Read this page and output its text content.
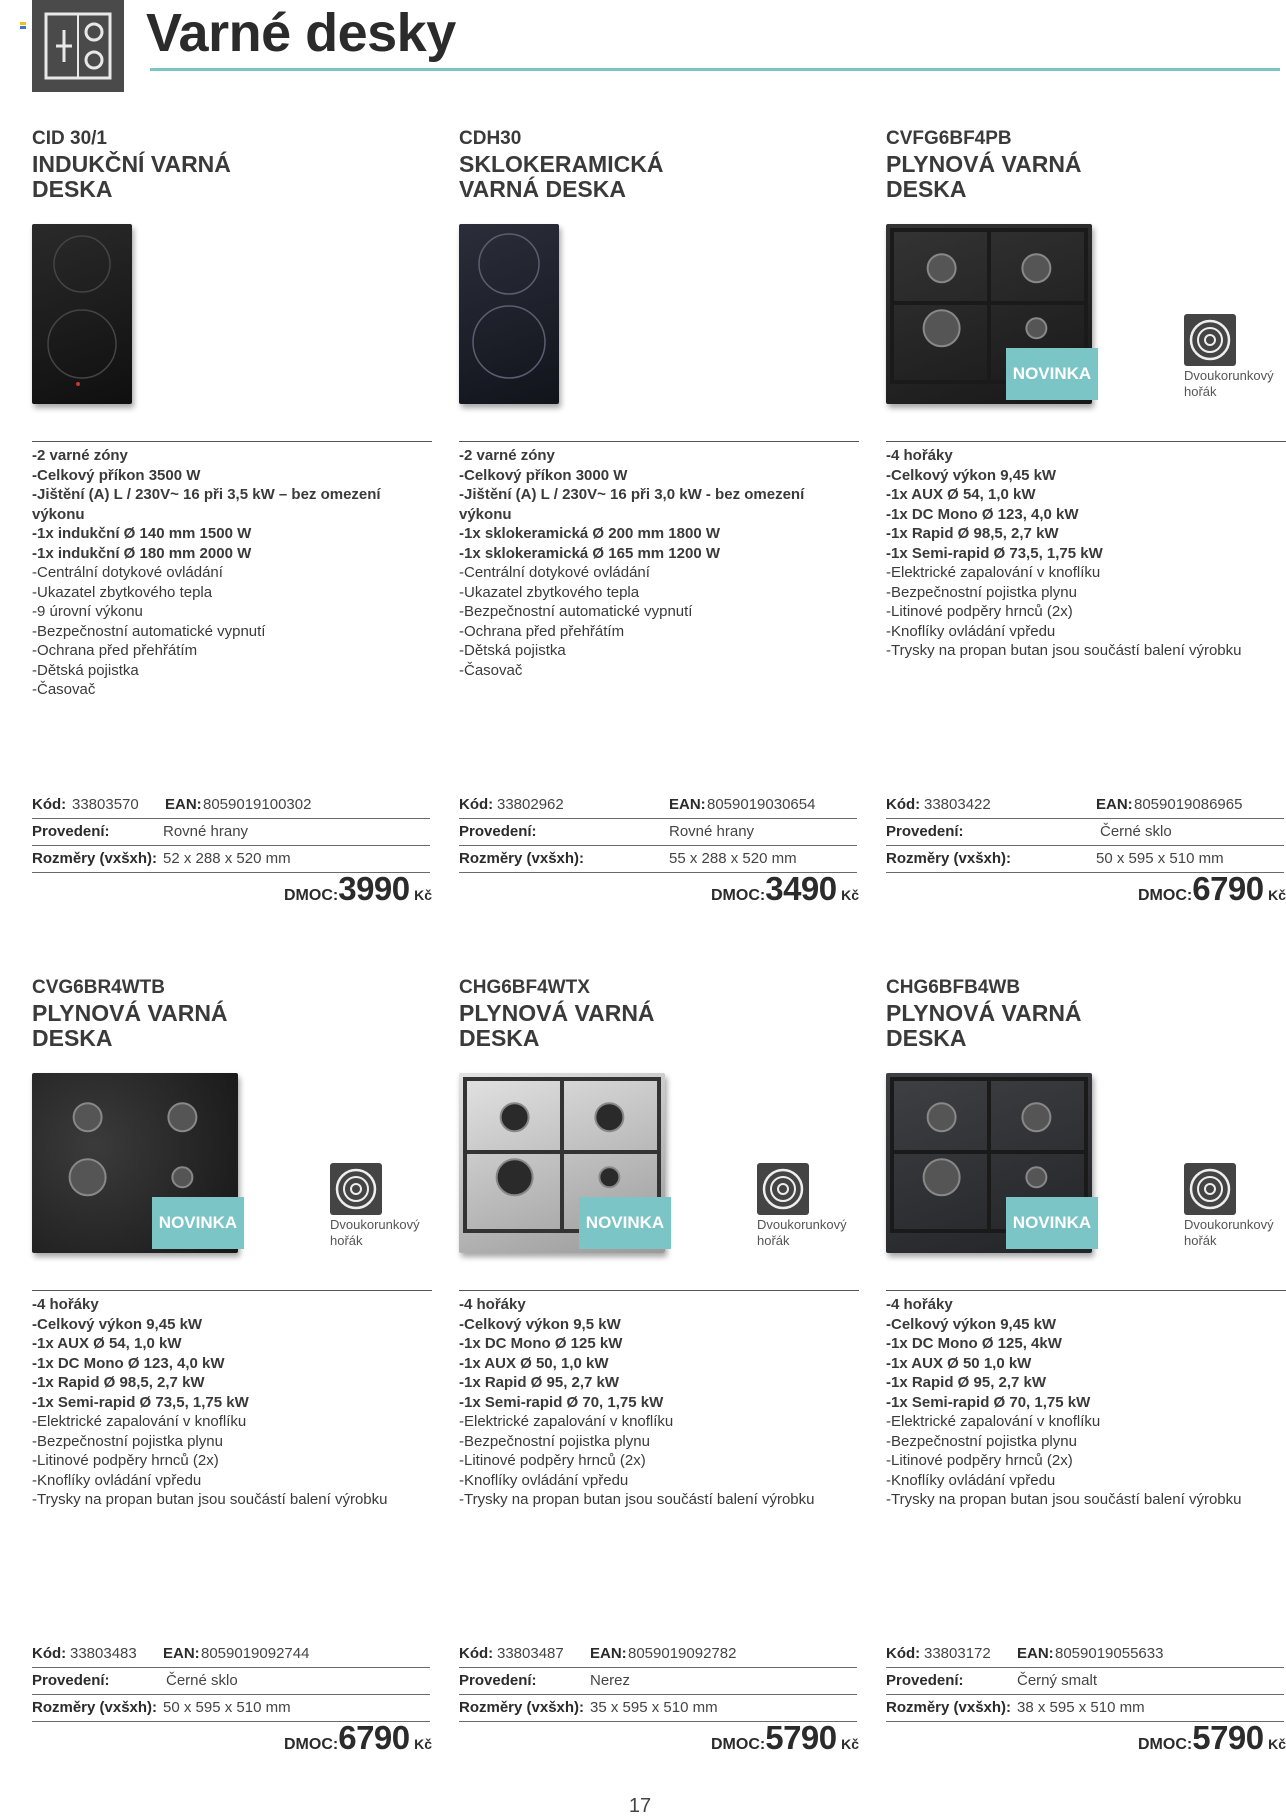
Varné desky
CID 30/1
INDUKČNÍ VARNÁ DESKA
-2 varné zóny
-Celkový příkon 3500 W
-Jištění (A) L / 230V~ 16 při 3,5 kW – bez omezení
výkonu
-1x indukční Ø 140 mm 1500 W
-1x indukční Ø 180 mm 2000 W
-Centrální dotykové ovládání
-Ukazatel zbytkového tepla
-9 úrovní výkonu
-Bezpečnostní automatické vypnutí
-Ochrana před přehřátím
-Dětská pojistka
-Časovač
Kód: 33803570 EAN: 8059019100302
Provedení:	Rovné hrany
Rozměry (vxšxh): 52 x 288 x 520 mm
DMOC:3990 Kč
CDH30
SKLOKERAMICKÁ VARNÁ DESKA
-2 varné zóny
-Celkový příkon 3000 W
-Jištění (A) L / 230V~ 16 při 3,0 kW - bez omezení
výkonu
-1x sklokeramická Ø 200 mm 1800 W
-1x sklokeramická Ø 165 mm 1200 W
-Centrální dotykové ovládání
-Ukazatel zbytkového tepla
-Bezpečnostní automatické vypnutí
-Ochrana před přehřátím
-Dětská pojistka
-Časovač
Kód: 33802962	EAN: 8059019030654
Provedení:	Rovné hrany
Rozměry (vxšxh):	55 x 288 x 520 mm
DMOC:3490 Kč
CVFG6BF4PB
PLYNOVÁ VARNÁ DESKA
NOVINKA	Dvoukorunkový hořák
-4 hořáky
-Celkový výkon 9,45 kW
-1x AUX Ø 54, 1,0 kW
-1x DC Mono Ø 123, 4,0 kW
-1x Rapid Ø 98,5, 2,7 kW
-1x Semi-rapid Ø 73,5, 1,75 kW
-Elektrické zapalování v knoflíku
-Bezpečnostní pojistka plynu
-Litinové podpěry hrnců (2x)
-Knoflíky ovládání vpředu
-Trysky na propan butan jsou součástí balení výrobku
Kód: 33803422	EAN: 8059019086965
Provedení:	Černé sklo
Rozměry (vxšxh):	50 x 595 x 510 mm
DMOC:6790 Kč
CVG6BR4WTB
PLYNOVÁ VARNÁ DESKA
NOVINKA	Dvoukorunkový hořák
-4 hořáky
-Celkový výkon 9,45 kW
-1x AUX Ø 54, 1,0 kW
-1x DC Mono Ø 123, 4,0 kW
-1x Rapid Ø 98,5, 2,7 kW
-1x Semi-rapid Ø 73,5, 1,75 kW
-Elektrické zapalování v knoflíku
-Bezpečnostní pojistka plynu
-Litinové podpěry hrnců (2x)
-Knoflíky ovládání vpředu
-Trysky na propan butan jsou součástí balení výrobku
Kód: 33803483 EAN: 8059019092744
Provedení:	Černé sklo
Rozměry (vxšxh): 50 x 595 x 510 mm
DMOC:6790 Kč
CHG6BF4WTX
PLYNOVÁ VARNÁ DESKA
NOVINKA	Dvoukorunkový hořák
-4 hořáky
-Celkový výkon 9,5 kW
-1x DC Mono Ø 125 kW
-1x AUX Ø 50, 1,0 kW
-1x Rapid Ø 95, 2,7 kW
-1x Semi-rapid Ø 70, 1,75 kW
-Elektrické zapalování v knoflíku
-Bezpečnostní pojistka plynu
-Litinové podpěry hrnců (2x)
-Knoflíky ovládání vpředu
-Trysky na propan butan jsou součástí balení výrobku
Kód: 33803487 EAN: 8059019092782
Provedení:	Nerez
Rozměry (vxšxh): 35 x 595 x 510 mm
DMOC:5790 Kč
CHG6BFB4WB
PLYNOVÁ VARNÁ DESKA
NOVINKA	Dvoukorunkový hořák
-4 hořáky
-Celkový výkon 9,45 kW
-1x DC Mono Ø 125, 4kW
-1x AUX Ø 50 1,0 kW
-1x Rapid Ø 95, 2,7 kW
-1x Semi-rapid Ø 70, 1,75 kW
-Elektrické zapalování v knoflíku
-Bezpečnostní pojistka plynu
-Litinové podpěry hrnců (2x)
-Knoflíky ovládání vpředu
-Trysky na propan butan jsou součástí balení výrobku
Kód: 33803172 EAN: 8059019055633
Provedení:	Černý smalt
Rozměry (vxšxh): 38 x 595 x 510 mm
DMOC:5790 Kč
17
